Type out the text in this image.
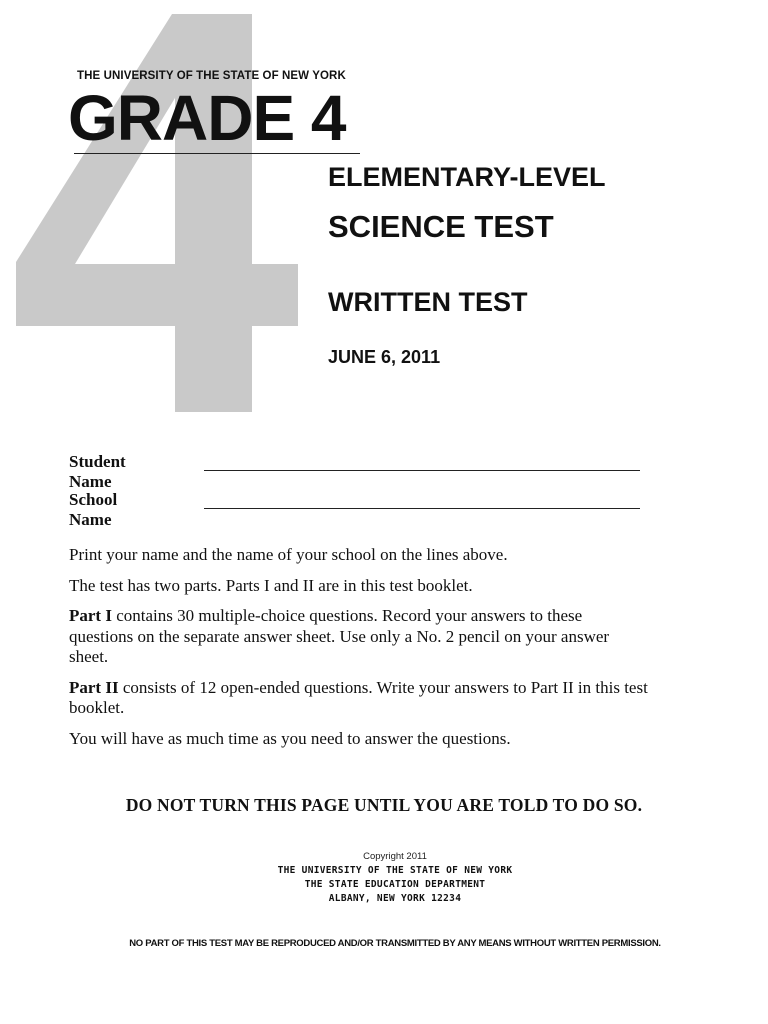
THE UNIVERSITY OF THE STATE OF NEW YORK
GRADE 4
ELEMENTARY-LEVEL
SCIENCE TEST
WRITTEN TEST
JUNE 6, 2011
Student Name
School Name

Print your name and the name of your school on the lines above.

The test has two parts. Parts I and II are in this test booklet.

Part I contains 30 multiple-choice questions. Record your answers to these questions on the separate answer sheet. Use only a No. 2 pencil on your answer sheet.

Part II consists of 12 open-ended questions. Write your answers to Part II in this test booklet.

You will have as much time as you need to answer the questions.

DO NOT TURN THIS PAGE UNTIL YOU ARE TOLD TO DO SO.
Copyright 2011
THE UNIVERSITY OF THE STATE OF NEW YORK
THE STATE EDUCATION DEPARTMENT
ALBANY, NEW YORK 12234
NO PART OF THIS TEST MAY BE REPRODUCED AND/OR TRANSMITTED BY ANY MEANS WITHOUT WRITTEN PERMISSION.
